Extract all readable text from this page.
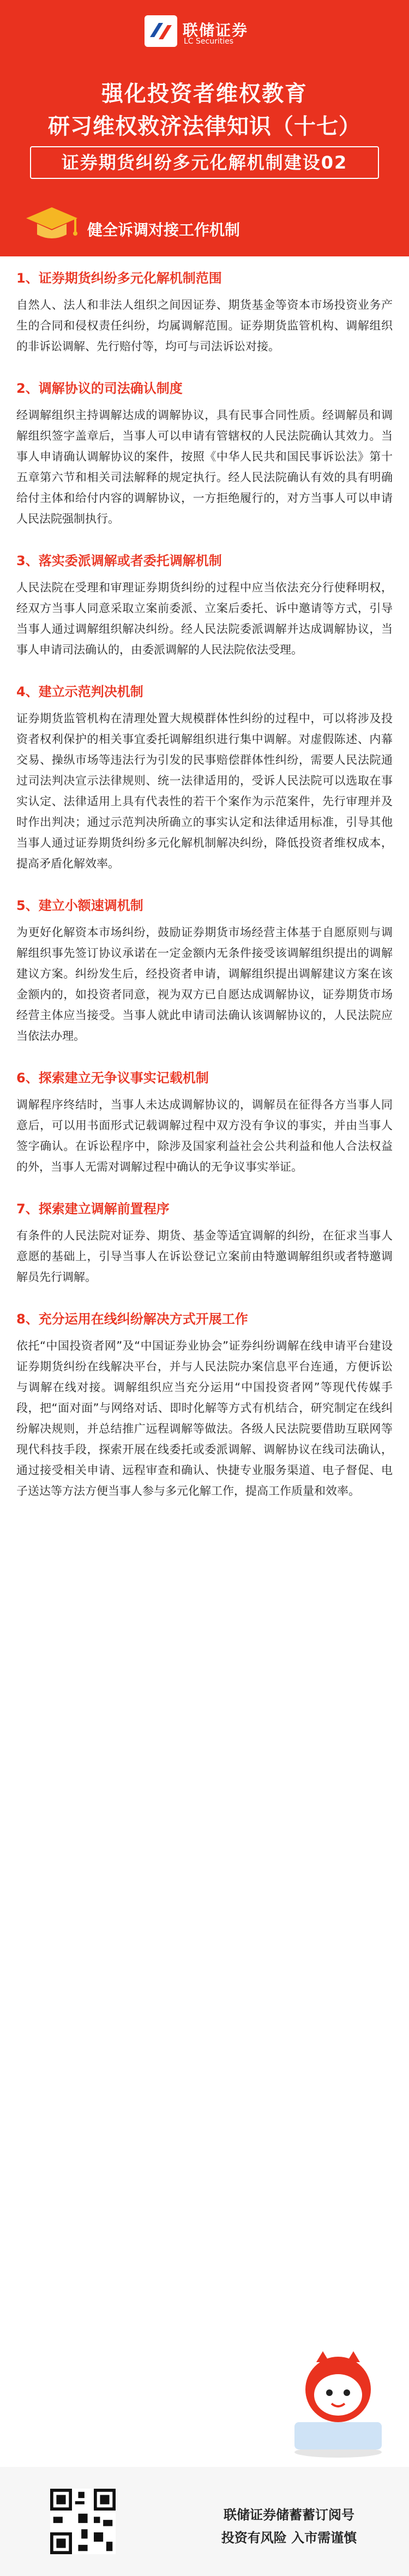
联储证券
LC Securities
强化投资者维权教育
研习维权救济法律知识（十七）
证券期货纠纷多元化解机制建设02
健全诉调对接工作机制

1、证券期货纠纷多元化解机制范围

自然人、法人和非法人组织之间因证券、期货基金等资本市场投资业务产生的合同和侵权责任纠纷，均属调解范围。证券期货监管机构、调解组织的非诉讼调解、先行赔付等，均可与司法诉讼对接。

2、调解协议的司法确认制度

经调解组织主持调解达成的调解协议，具有民事合同性质。经调解员和调解组织签字盖章后，当事人可以申请有管辖权的人民法院确认其效力。当事人申请确认调解协议的案件，按照《中华人民共和国民事诉讼法》第十五章第六节和相关司法解释的规定执行。经人民法院确认有效的具有明确给付主体和给付内容的调解协议，一方拒绝履行的，对方当事人可以申请人民法院强制执行。

3、落实委派调解或者委托调解机制

人民法院在受理和审理证券期货纠纷的过程中应当依法充分行使释明权，经双方当事人同意采取立案前委派、立案后委托、诉中邀请等方式，引导当事人通过调解组织解决纠纷。经人民法院委派调解并达成调解协议，当事人申请司法确认的，由委派调解的人民法院依法受理。

4、建立示范判决机制

证券期货监管机构在清理处置大规模群体性纠纷的过程中，可以将涉及投资者权利保护的相关事宜委托调解组织进行集中调解。对虚假陈述、内幕交易、操纵市场等违法行为引发的民事赔偿群体性纠纷，需要人民法院通过司法判决宣示法律规则、统一法律适用的，受诉人民法院可以选取在事实认定、法律适用上具有代表性的若干个案作为示范案件，先行审理并及时作出判决；通过示范判决所确立的事实认定和法律适用标准，引导其他当事人通过证券期货纠纷多元化解机制解决纠纷，降低投资者维权成本，提高矛盾化解效率。

5、建立小额速调机制

为更好化解资本市场纠纷，鼓励证券期货市场经营主体基于自愿原则与调解组织事先签订协议承诺在一定金额内无条件接受该调解组织提出的调解建议方案。纠纷发生后，经投资者申请，调解组织提出调解建议方案在该金额内的，如投资者同意，视为双方已自愿达成调解协议，证券期货市场经营主体应当接受。当事人就此申请司法确认该调解协议的，人民法院应当依法办理。

6、探索建立无争议事实记载机制

调解程序终结时，当事人未达成调解协议的，调解员在征得各方当事人同意后，可以用书面形式记载调解过程中双方没有争议的事实，并由当事人签字确认。在诉讼程序中，除涉及国家利益社会公共利益和他人合法权益的外，当事人无需对调解过程中确认的无争议事实举证。

7、探索建立调解前置程序

有条件的人民法院对证券、期货、基金等适宜调解的纠纷，在征求当事人意愿的基础上，引导当事人在诉讼登记立案前由特邀调解组织或者特邀调解员先行调解。

8、充分运用在线纠纷解决方式开展工作

依托“中国投资者网”及“中国证券业协会”证券纠纷调解在线申请平台建设证券期货纠纷在线解决平台，并与人民法院办案信息平台连通，方便诉讼与调解在线对接。调解组织应当充分运用“中国投资者网”等现代传媒手段，把“面对面”与网络对话、即时化解等方式有机结合，研究制定在线纠纷解决规则，并总结推广远程调解等做法。各级人民法院要借助互联网等现代科技手段，探索开展在线委托或委派调解、调解协议在线司法确认，通过接受相关申请、远程审查和确认、快捷专业服务渠道、电子督促、电子送达等方法方便当事人参与多元化解工作，提高工作质量和效率。

联储证券储蓄蓄订阅号
投资有风险 入市需谨慎
